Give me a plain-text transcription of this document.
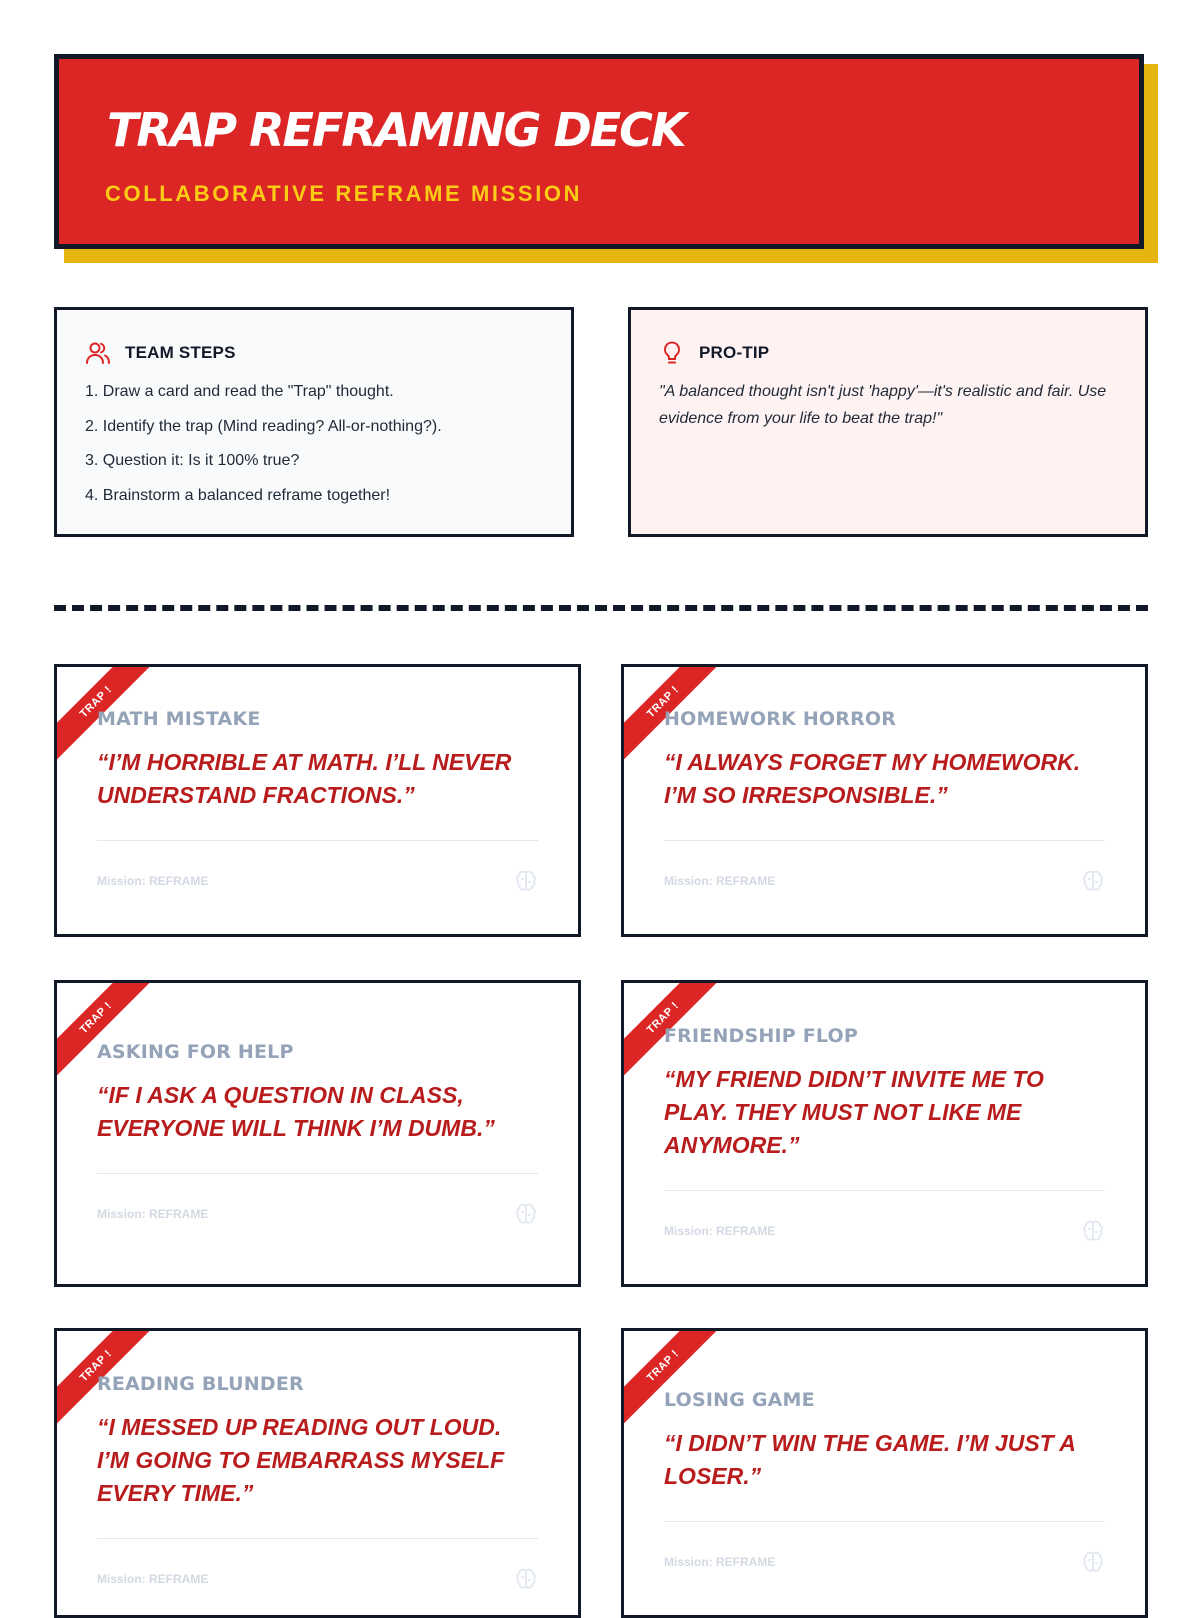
TRAP REFRAMING DECK
COLLABORATIVE REFRAME MISSION
TEAM STEPS
1. Draw a card and read the "Trap" thought.
2. Identify the trap (Mind reading? All-or-nothing?).
3. Question it: Is it 100% true?
4. Brainstorm a balanced reframe together!
PRO-TIP
"A balanced thought isn't just 'happy'—it's realistic and fair. Use evidence from your life to beat the trap!"
TRAP !
MATH MISTAKE
“I’M HORRIBLE AT MATH. I’LL NEVER UNDERSTAND FRACTIONS.”
Mission: REFRAME
TRAP !
HOMEWORK HORROR
“I ALWAYS FORGET MY HOMEWORK. I’M SO IRRESPONSIBLE.”
Mission: REFRAME
TRAP !
ASKING FOR HELP
“IF I ASK A QUESTION IN CLASS, EVERYONE WILL THINK I’M DUMB.”
Mission: REFRAME
TRAP !
FRIENDSHIP FLOP
“MY FRIEND DIDN’T INVITE ME TO PLAY. THEY MUST NOT LIKE ME ANYMORE.”
Mission: REFRAME
TRAP !
READING BLUNDER
“I MESSED UP READING OUT LOUD. I’M GOING TO EMBARRASS MYSELF EVERY TIME.”
Mission: REFRAME
TRAP !
LOSING GAME
“I DIDN’T WIN THE GAME. I’M JUST A LOSER.”
Mission: REFRAME
